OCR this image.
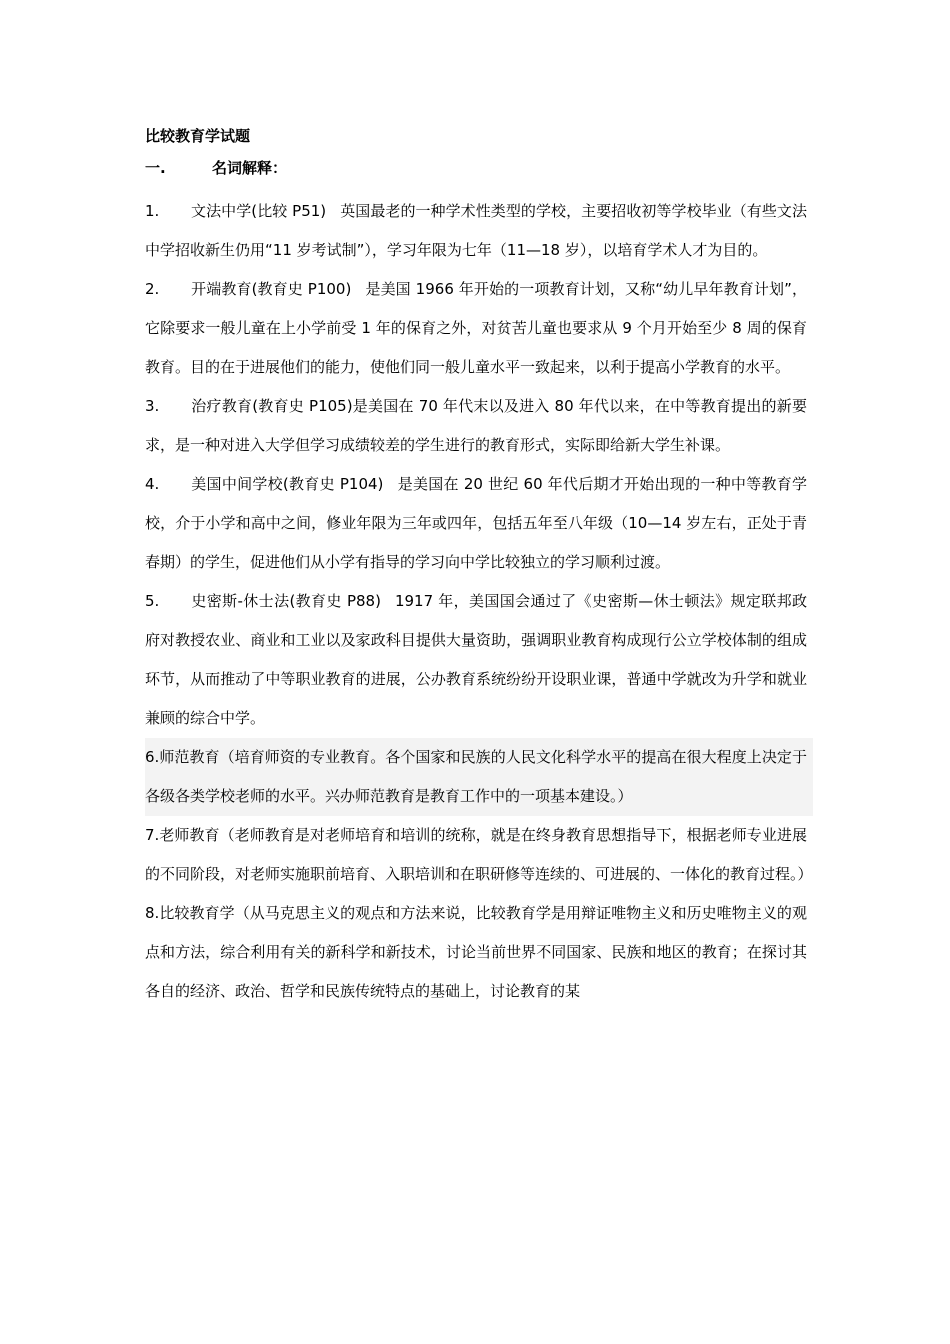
比较教育学试题
一.	名词解释：

1. 文法中学(比较 P51) 英国最老的一种学术性类型的学校，主要招收初等学校毕业（有些文法中学招收新生仍用“11 岁考试制”），学习年限为七年（11—18 岁），以培育学术人才为目的。

2. 开端教育(教育史 P100) 是美国 1966 年开始的一项教育计划，又称“幼儿早年教育计划”，它除要求一般儿童在上小学前受 1 年的保育之外，对贫苦儿童也要求从 9 个月开始至少 8 周的保育教育。目的在于进展他们的能力，使他们同一般儿童水平一致起来，以利于提高小学教育的水平。

3. 治疗教育(教育史 P105)是美国在 70 年代末以及进入 80 年代以来，在中等教育提出的新要求，是一种对进入大学但学习成绩较差的学生进行的教育形式，实际即给新大学生补课。

4. 美国中间学校(教育史 P104) 是美国在 20 世纪 60 年代后期才开始出现的一种中等教育学校，介于小学和高中之间，修业年限为三年或四年，包括五年至八年级（10—14 岁左右，正处于青春期）的学生，促进他们从小学有指导的学习向中学比较独立的学习顺利过渡。

5. 史密斯-休士法(教育史 P88) 1917 年，美国国会通过了《史密斯—休士顿法》规定联邦政府对教授农业、商业和工业以及家政科目提供大量资助，强调职业教育构成现行公立学校体制的组成环节，从而推动了中等职业教育的进展，公办教育系统纷纷开设职业课，普通中学就改为升学和就业兼顾的综合中学。

6.师范教育（培育师资的专业教育。各个国家和民族的人民文化科学水平的提高在很大程度上决定于各级各类学校老师的水平。兴办师范教育是教育工作中的一项基本建设。）

7.老师教育（老师教育是对老师培育和培训的统称，就是在终身教育思想指导下，根据老师专业进展的不同阶段，对老师实施职前培育、入职培训和在职研修等连续的、可进展的、一体化的教育过程。）

8.比较教育学（从马克思主义的观点和方法来说，比较教育学是用辩证唯物主义和历史唯物主义的观点和方法，综合利用有关的新科学和新技术，讨论当前世界不同国家、民族和地区的教育；在探讨其各自的经济、政治、哲学和民族传统特点的基础上，讨论教育的某
